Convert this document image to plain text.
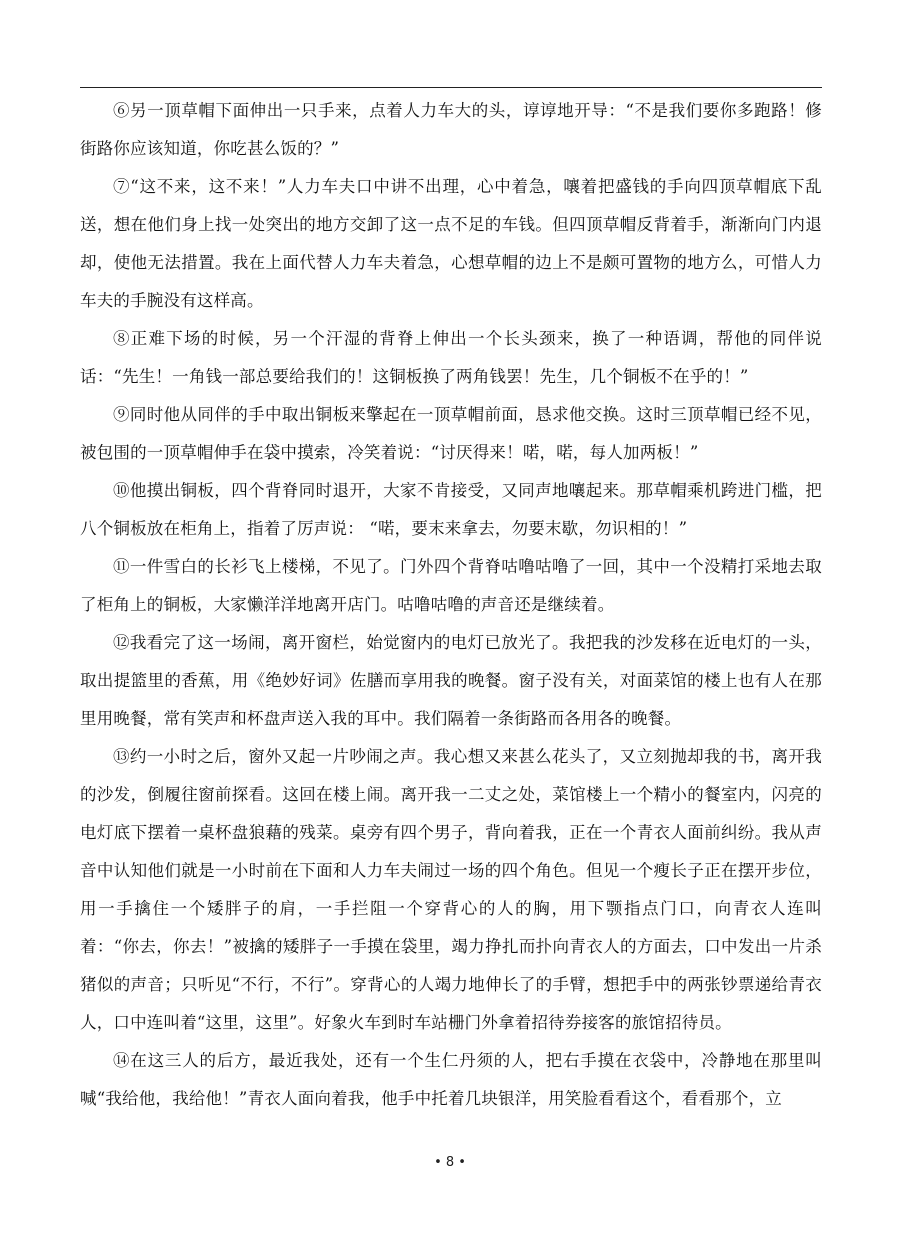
⑥另一顶草帽下面伸出一只手来，点着人力车大的头，谆谆地开导：“不是我们要你多跑路！修街路你应该知道，你吃甚么饭的？”

⑦“这不来，这不来！”人力车夫口中讲不出理，心中着急，嚷着把盛钱的手向四顶草帽底下乱送，想在他们身上找一处突出的地方交卸了这一点不足的车钱。但四顶草帽反背着手，渐渐向门内退却，使他无法措置。我在上面代替人力车夫着急，心想草帽的边上不是颇可置物的地方么，可惜人力车夫的手腕没有这样高。

⑧正难下场的时候，另一个汗湿的背脊上伸出一个长头颈来，换了一种语调，帮他的同伴说话：“先生！一角钱一部总要给我们的！这铜板换了两角钱罢！先生，几个铜板不在乎的！”

⑨同时他从同伴的手中取出铜板来擎起在一顶草帽前面，恳求他交换。这时三顶草帽已经不见，被包围的一顶草帽伸手在袋中摸索，冷笑着说：“讨厌得来！喏，喏，每人加两板！”

⑩他摸出铜板，四个背脊同时退开，大家不肯接受，又同声地嚷起来。那草帽乘机跨进门槛，把八个铜板放在柜角上，指着了厉声说： “喏，要末来拿去，勿要末歇，勿识相的！”

⑪一件雪白的长衫飞上楼梯，不见了。门外四个背脊咕噜咕噜了一回，其中一个没精打采地去取了柜角上的铜板，大家懒洋洋地离开店门。咕噜咕噜的声音还是继续着。

⑫我看完了这一场闹，离开窗栏，始觉窗内的电灯已放光了。我把我的沙发移在近电灯的一头，取出提篮里的香蕉，用《绝妙好词》佐膳而享用我的晚餐。窗子没有关，对面菜馆的楼上也有人在那里用晚餐，常有笑声和杯盘声送入我的耳中。我们隔着一条街路而各用各的晚餐。

⑬约一小时之后，窗外又起一片吵闹之声。我心想又来甚么花头了，又立刻抛却我的书，离开我的沙发，倒履往窗前探看。这回在楼上闹。离开我一二丈之处，菜馆楼上一个精小的餐室内，闪亮的电灯底下摆着一桌杯盘狼藉的残菜。桌旁有四个男子，背向着我，正在一个青衣人面前纠纷。我从声音中认知他们就是一小时前在下面和人力车夫闹过一场的四个角色。但见一个瘦长子正在摆开步位，用一手擒住一个矮胖子的肩，一手拦阻一个穿背心的人的胸，用下颚指点门口，向青衣人连叫着：“你去，你去！”被擒的矮胖子一手摸在袋里，竭力挣扎而扑向青衣人的方面去，口中发出一片杀猪似的声音；只听见“不行，不行”。穿背心的人竭力地伸长了的手臂，想把手中的两张钞票递给青衣人，口中连叫着“这里，这里”。好象火车到时车站栅门外拿着招待券接客的旅馆招待员。

⑭在这三人的后方，最近我处，还有一个生仁丹须的人，把右手摸在衣袋中，冷静地在那里叫喊“我给他，我给他！”青衣人面向着我，他手中托着几块银洋，用笑脸看看这个，看看那个，立

• 8 •
